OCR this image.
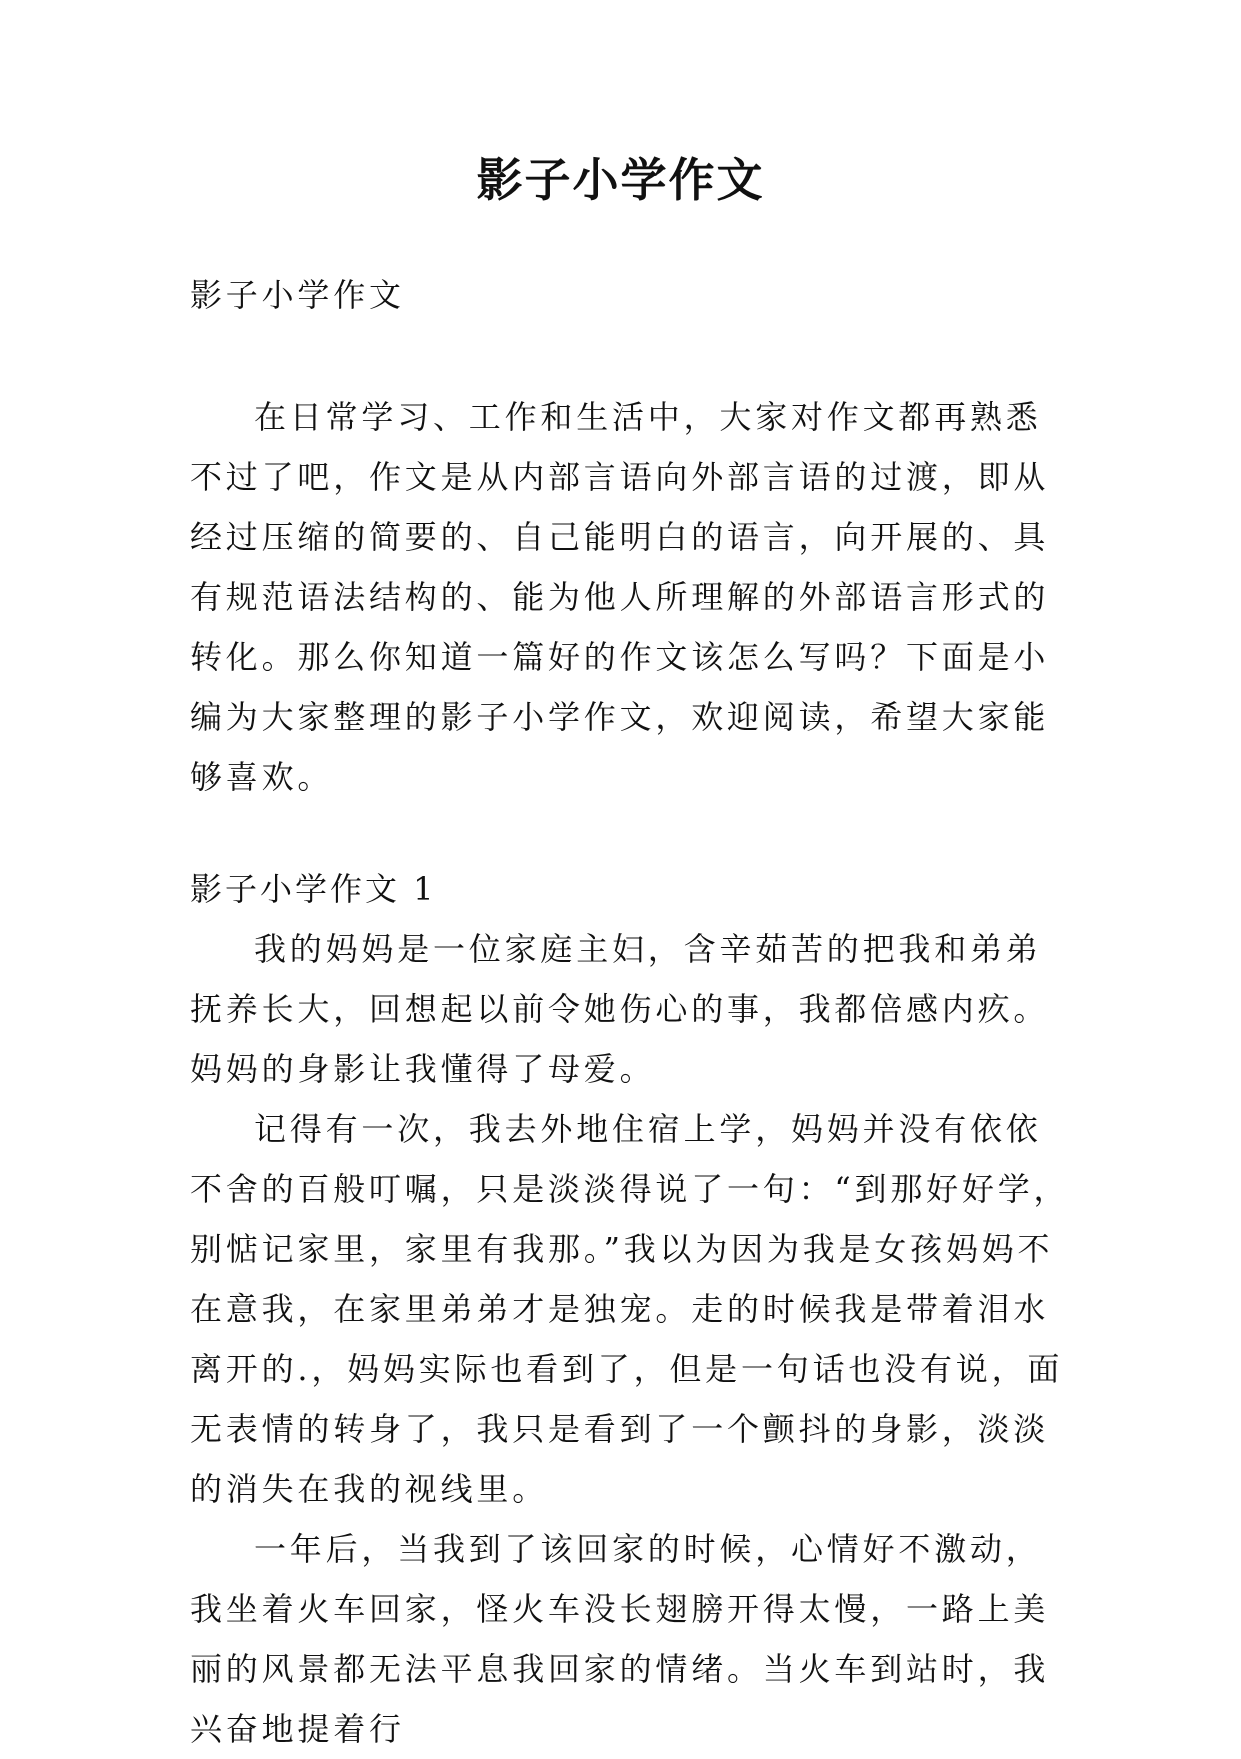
影子小学作文

影子小学作文

在日常学习、工作和生活中，大家对作文都再熟悉不过了吧，作文是从内部言语向外部言语的过渡，即从经过压缩的简要的、自己能明白的语言，向开展的、具有规范语法结构的、能为他人所理解的外部语言形式的转化。那么你知道一篇好的作文该怎么写吗？下面是小编为大家整理的影子小学作文，欢迎阅读，希望大家能够喜欢。

影子小学作文 1

我的妈妈是一位家庭主妇，含辛茹苦的把我和弟弟抚养长大，回想起以前令她伤心的事，我都倍感内疚。妈妈的身影让我懂得了母爱。

记得有一次，我去外地住宿上学，妈妈并没有依依不舍的百般叮嘱，只是淡淡得说了一句：“到那好好学，别惦记家里，家里有我那。”我以为因为我是女孩妈妈不在意我，在家里弟弟才是独宠。走的时候我是带着泪水离开的.，妈妈实际也看到了，但是一句话也没有说，面无表情的转身了，我只是看到了一个颤抖的身影，淡淡的消失在我的视线里。

一年后，当我到了该回家的时候，心情好不激动，我坐着火车回家，怪火车没长翅膀开得太慢，一路上美丽的风景都无法平息我回家的情绪。当火车到站时，我兴奋地提着行
